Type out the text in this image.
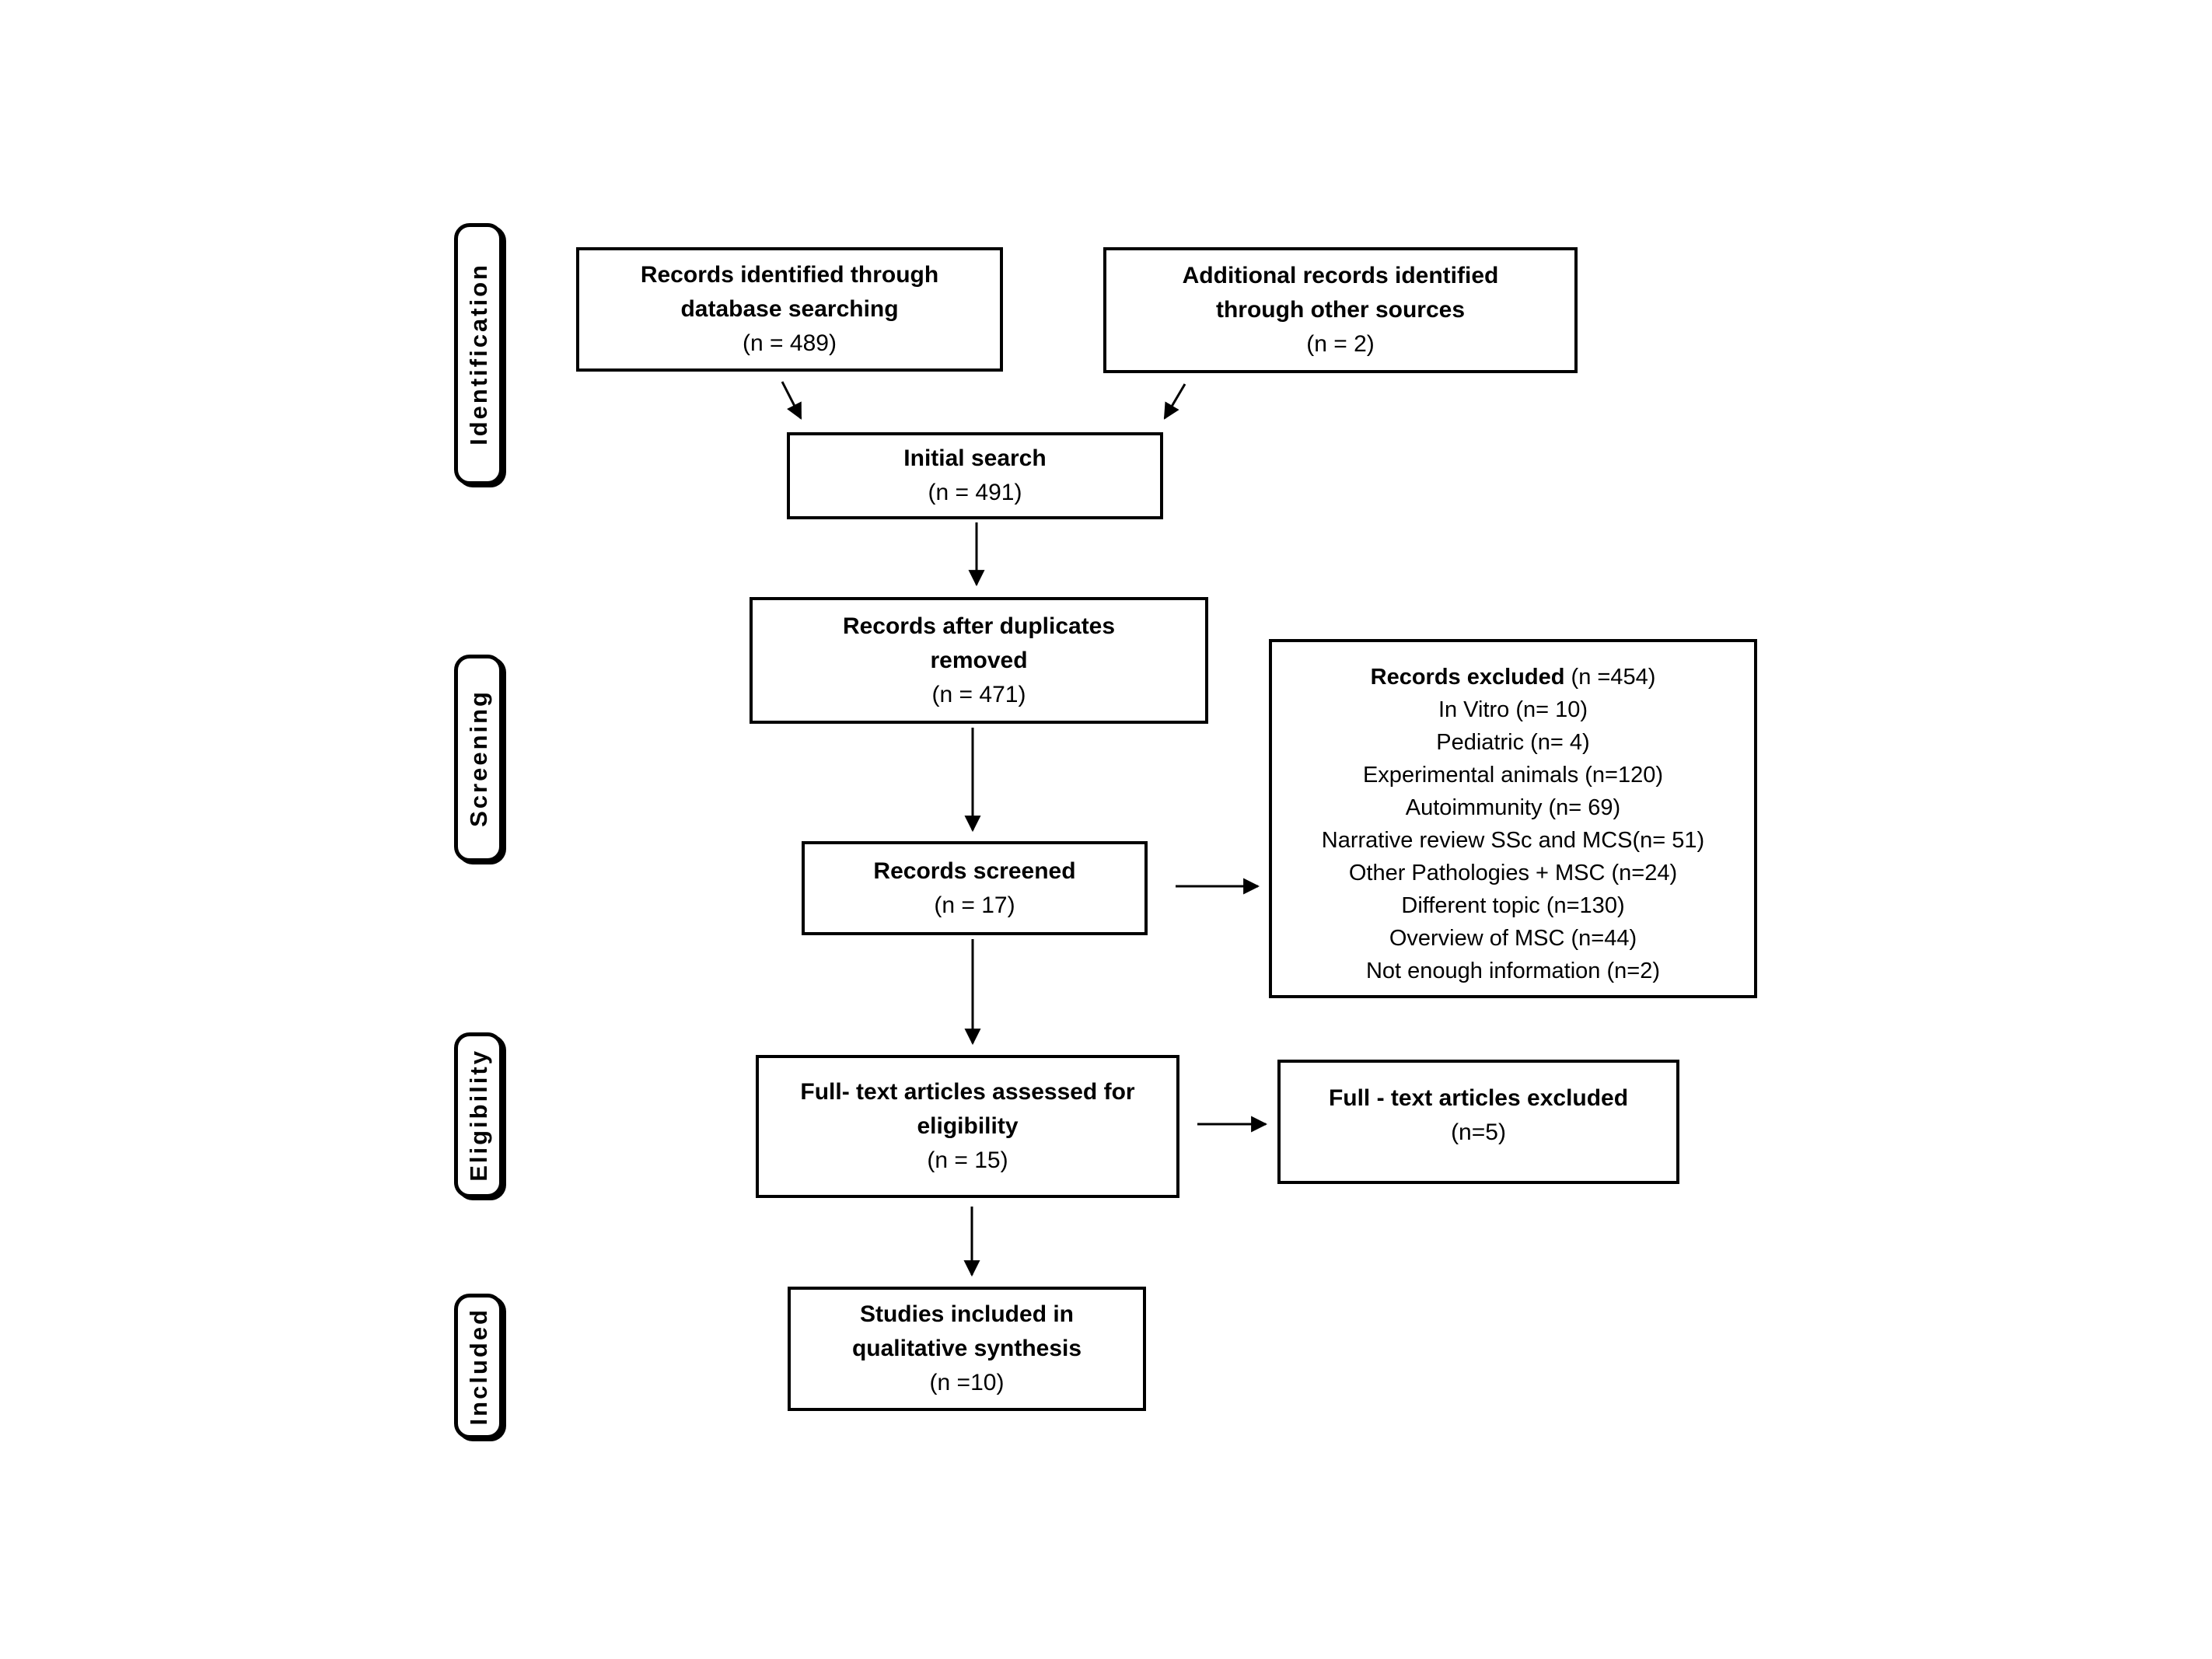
Identification
Screening
Eligibility
Included
Records identified through
database searching
(n = 489)
Additional records identified
through other sources
(n = 2)
Initial search
(n = 491)
Records after duplicates
removed
(n = 471)
Records excluded (n =454)
In Vitro (n= 10)
Pediatric (n= 4)
Experimental animals (n=120)
Autoimmunity (n= 69)
Narrative review SSc and MCS(n= 51)
Other Pathologies + MSC (n=24)
Different topic (n=130)
Overview of MSC (n=44)
Not enough information (n=2)
Records screened
(n = 17)
Full- text articles assessed for
eligibility
(n = 15)
Full - text articles excluded
(n=5)
Studies included in
qualitative synthesis
(n =10)
